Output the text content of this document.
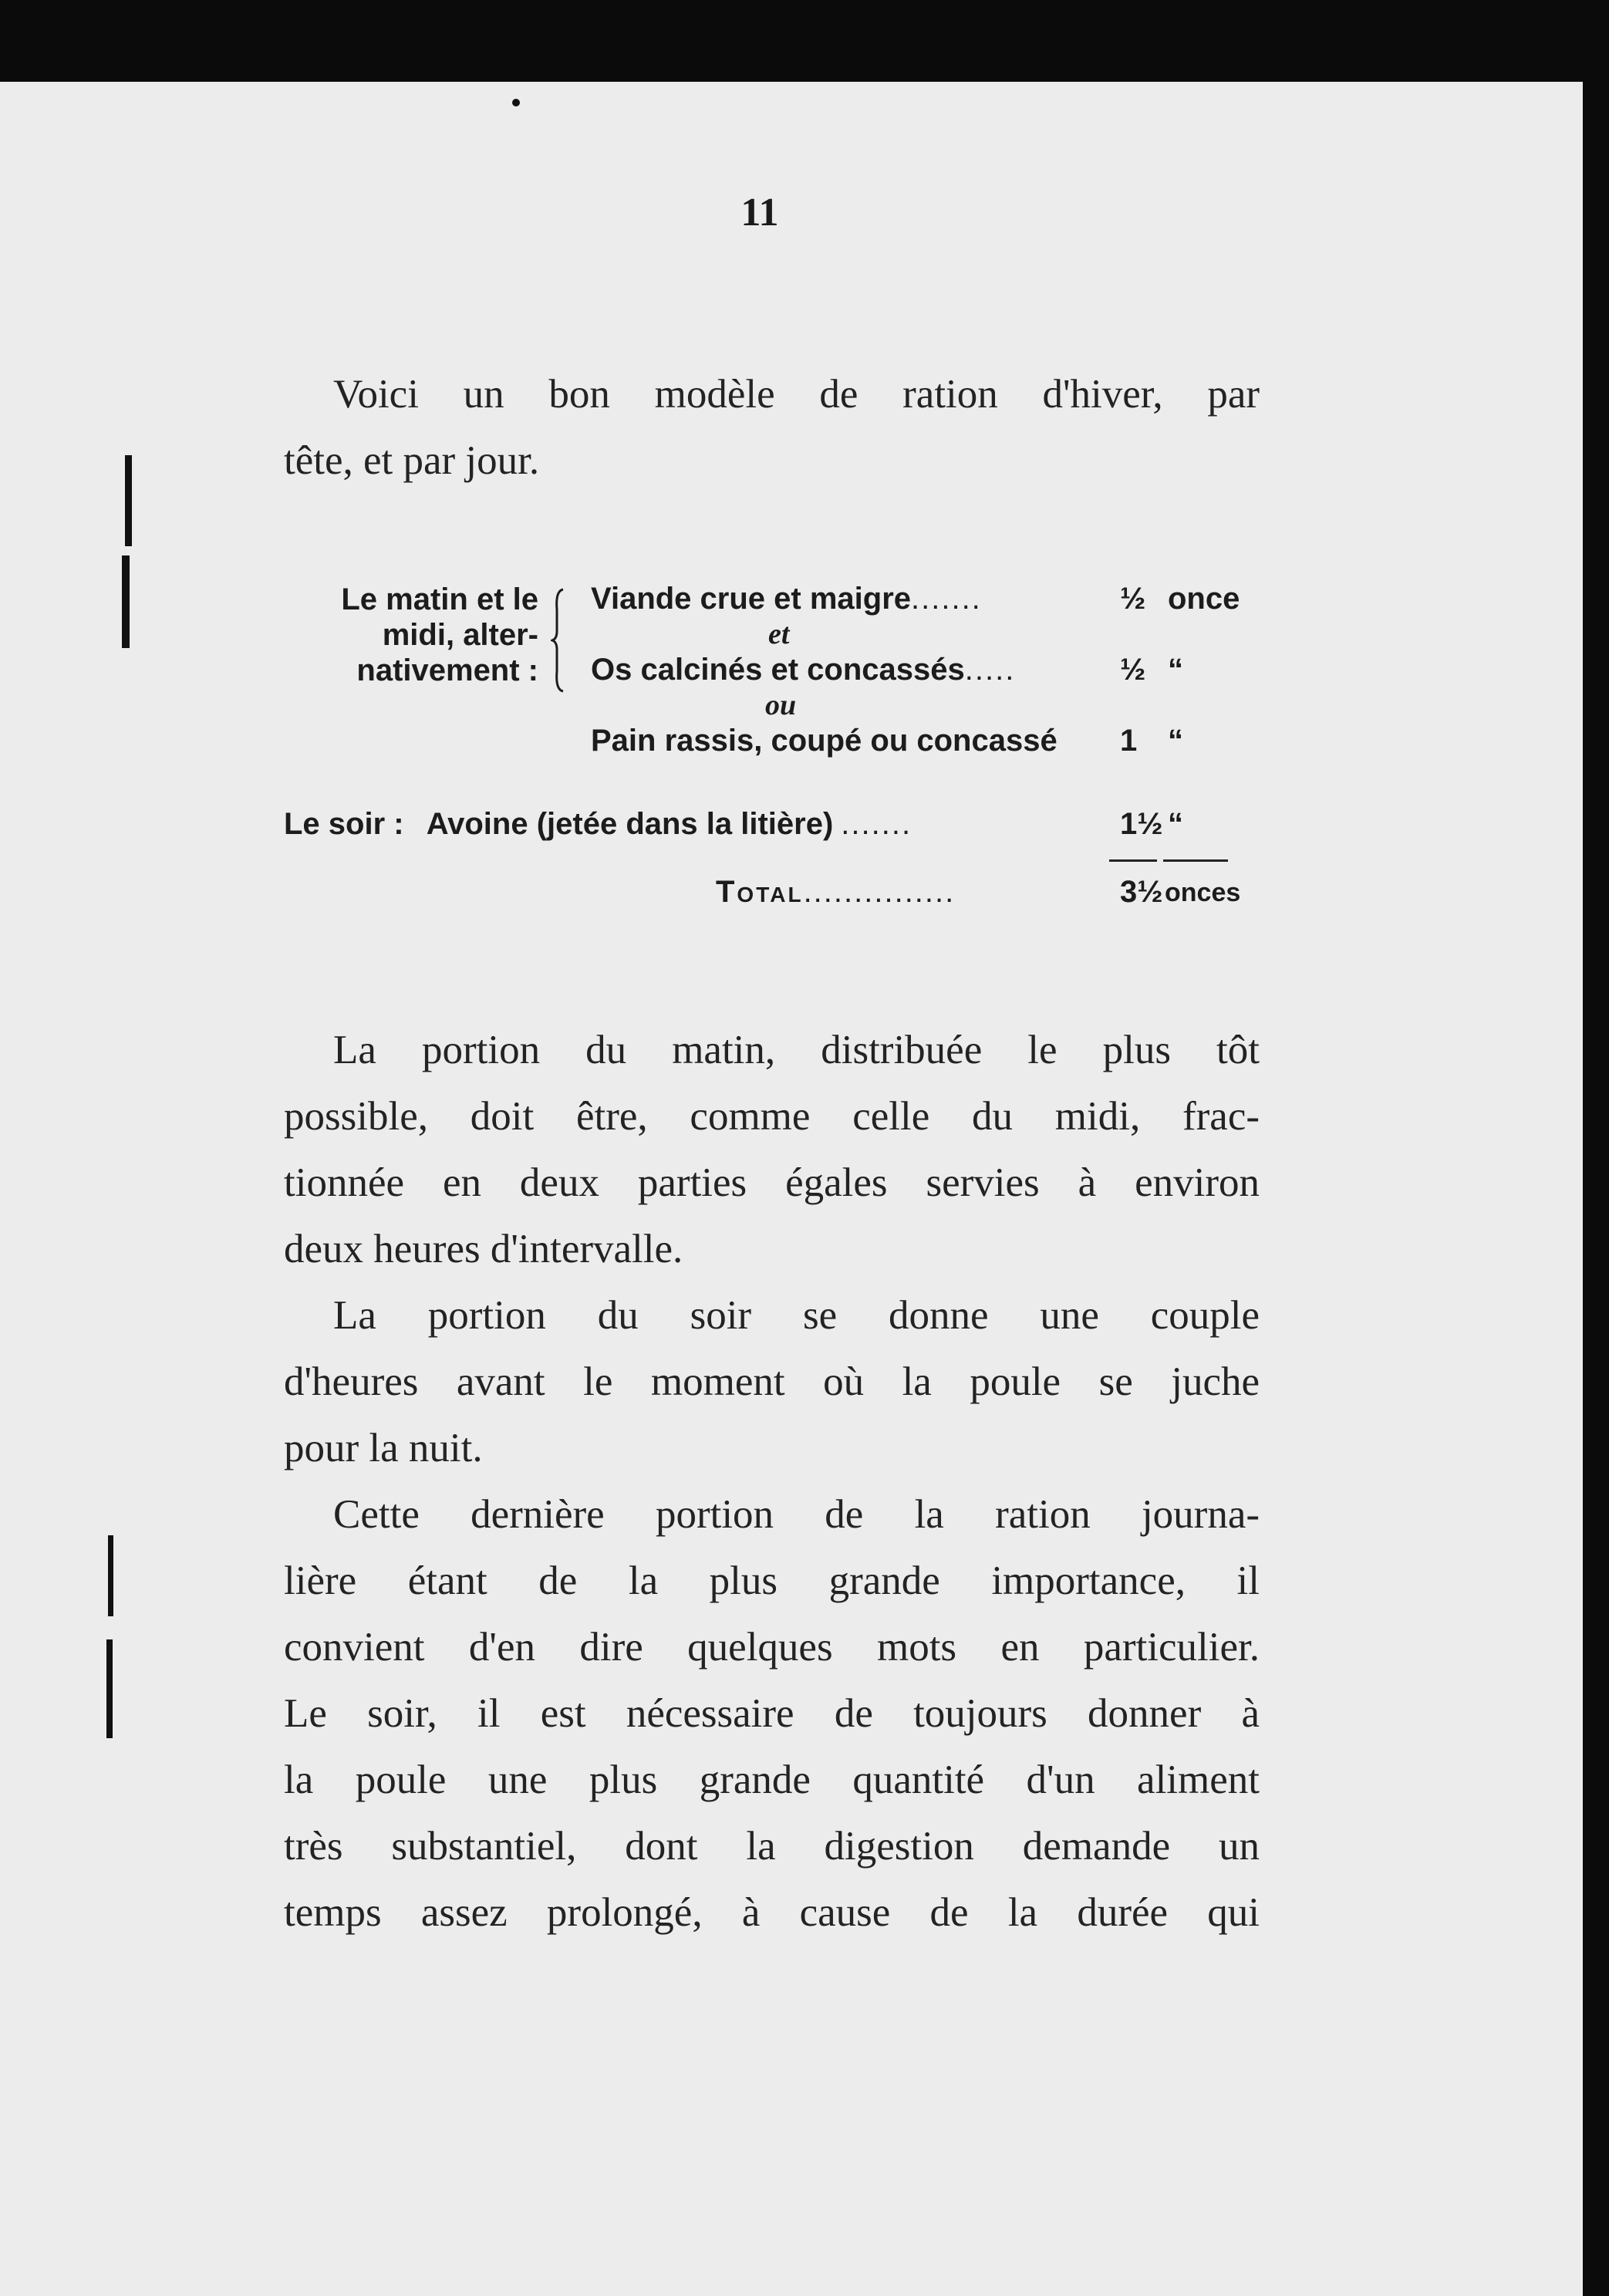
11

Voici un bon modèle de ration d'hiver, par
tête, et par jour.

Le matin et le
midi, alter-
nativement :
Viande crue et maigre.......	½ once
et
Os calcinés et concassés.....	½ “
ou
Pain rassis, coupé ou concassé 1 “
Le soir : Avoine (jetée dans la litière) .......	1½ “
Total...............	3½ onces

La portion du matin, distribuée le plus tôt
possible, doit être, comme celle du midi, frac-
tionnée en deux parties égales servies à environ
deux heures d'intervalle.

La portion du soir se donne une couple
d'heures avant le moment où la poule se juche
pour la nuit.

Cette dernière portion de la ration journa-
lière étant de la plus grande importance, il
convient d'en dire quelques mots en particulier.
Le soir, il est nécessaire de toujours donner à
la poule une plus grande quantité d'un aliment
très substantiel, dont la digestion demande un
temps assez prolongé, à cause de la durée qui
